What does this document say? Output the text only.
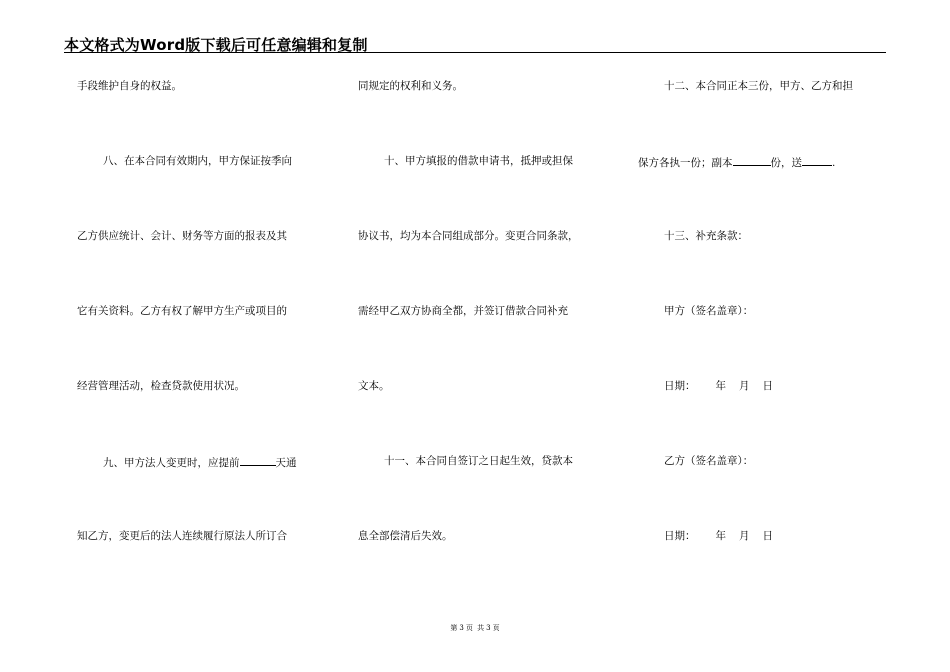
本文格式为Word版下载后可任意编辑和复制
手段维护自身的权益。
八、在本合同有效期内，甲方保证按季向
乙方供应统计、会计、财务等方面的报表及其
它有关资料。乙方有权了解甲方生产或项目的
经营管理活动，检查贷款使用状况。
九、甲方法人变更时，应提前	天通
知乙方，变更后的法人连续履行原法人所订合
同规定的权利和义务。
十、甲方填报的借款申请书，抵押或担保
协议书，均为本合同组成部分。变更合同条款，
需经甲乙双方协商全都，并签订借款合同补充
文本。
十一、本合同自签订之日起生效，贷款本
息全部偿清后失效。
十二、本合同正本三份，甲方、乙方和担
保方各执一份；副本	份，送	.
十三、补充条款：
甲方（签名盖章）：
日期： 年 月 日
乙方（签名盖章）：
日期： 年 月 日
第 3 页 共 3 页
